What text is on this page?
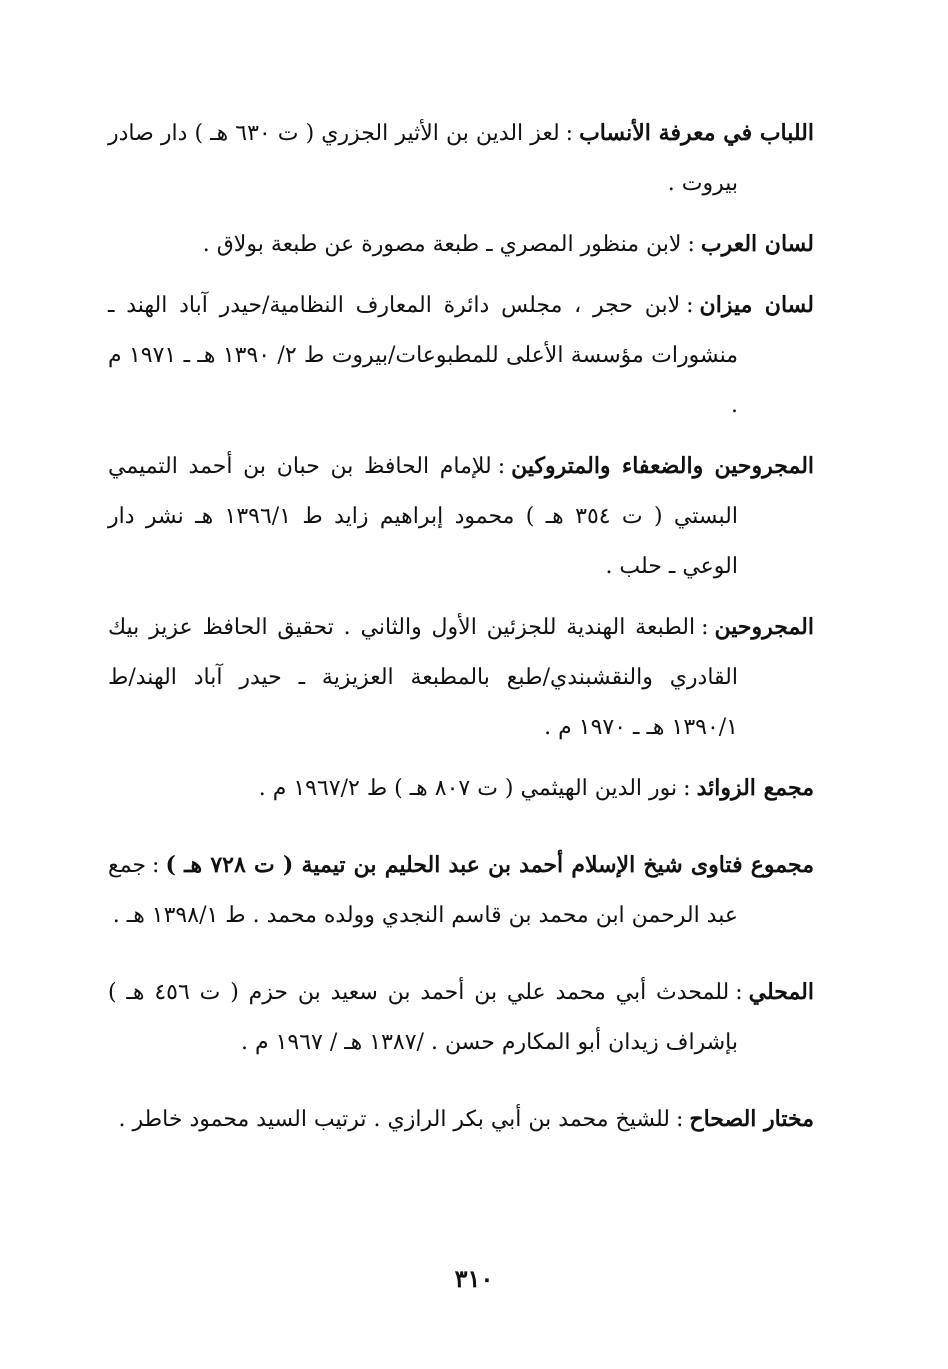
اللباب في معرفة الأنساب:لعز الدين بن الأثير الجزري ( ت ٦٣٠ هـ ) دار صادر بيروت .

لسان العرب:لابن منظور المصري ـ طبعة مصورة عن طبعة بولاق .

لسان ميزان:لابن حجر ، مجلس دائرة المعارف النظامية/حيدر آباد الهند ـ منشورات مؤسسة الأعلى للمطبوعات/بيروت ط ٢/ ١٣٩٠ هـ ـ ١٩٧١ م .

المجروحين والضعفاء والمتروكين:للإمام الحافظ بن حبان بن أحمد التميمي البستي ( ت ٣٥٤ هـ ) محمود إبراهيم زايد ط ١٣٩٦/١ هـ نشر دار الوعي ـ حلب .

المجروحين:الطبعة الهندية للجزئين الأول والثاني . تحقيق الحافظ عزيز بيك القادري والنقشبندي/طبع بالمطبعة العزيزية ـ حيدر آباد الهند/ط ١٣٩٠/١ هـ ـ ١٩٧٠ م .

مجمع الزوائد:نور الدين الهيثمي ( ت ٨٠٧ هـ ) ط ١٩٦٧/٢ م .

مجموع فتاوى شيخ الإسلام أحمد بن عبد الحليم بن تيمية ( ت ٧٢٨ هـ ):جمع عبد الرحمن ابن محمد بن قاسم النجدي وولده محمد . ط ١٣٩٨/١ هـ .

المحلي:للمحدث أبي محمد علي بن أحمد بن سعيد بن حزم ( ت ٤٥٦ هـ ) بإشراف زيدان أبو المكارم حسن . /١٣٨٧ هـ / ١٩٦٧ م .

مختار الصحاح:للشيخ محمد بن أبي بكر الرازي . ترتيب السيد محمود خاطر .

٣١٠
